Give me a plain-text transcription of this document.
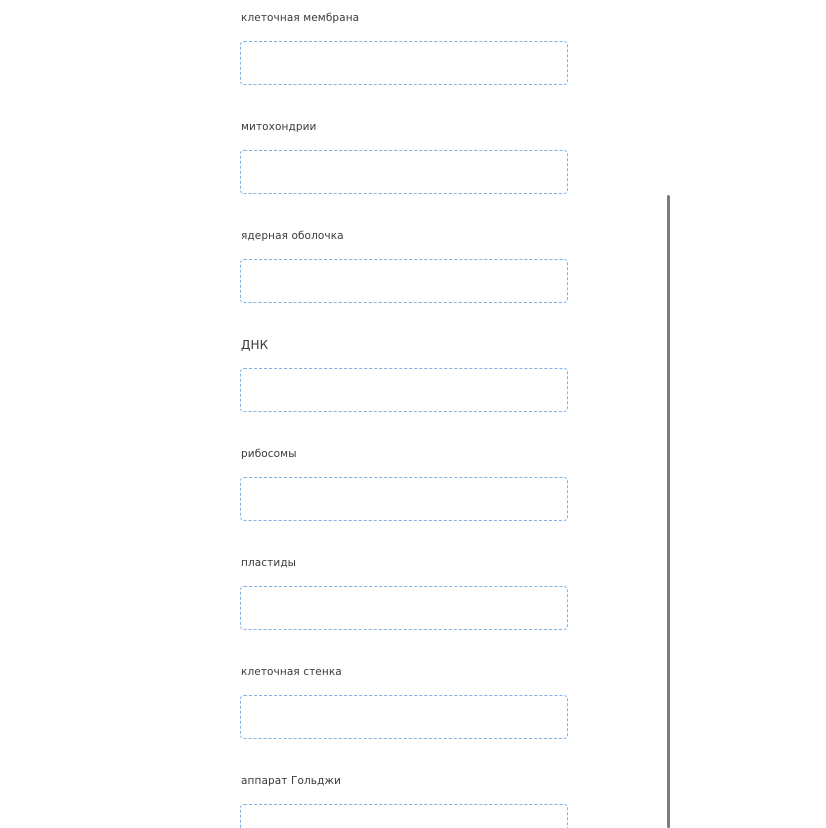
клеточная мембрана
митохондрии
ядерная оболочка
ДНК
рибосомы
пластиды
клеточная стенка
аппарат Гольджи
